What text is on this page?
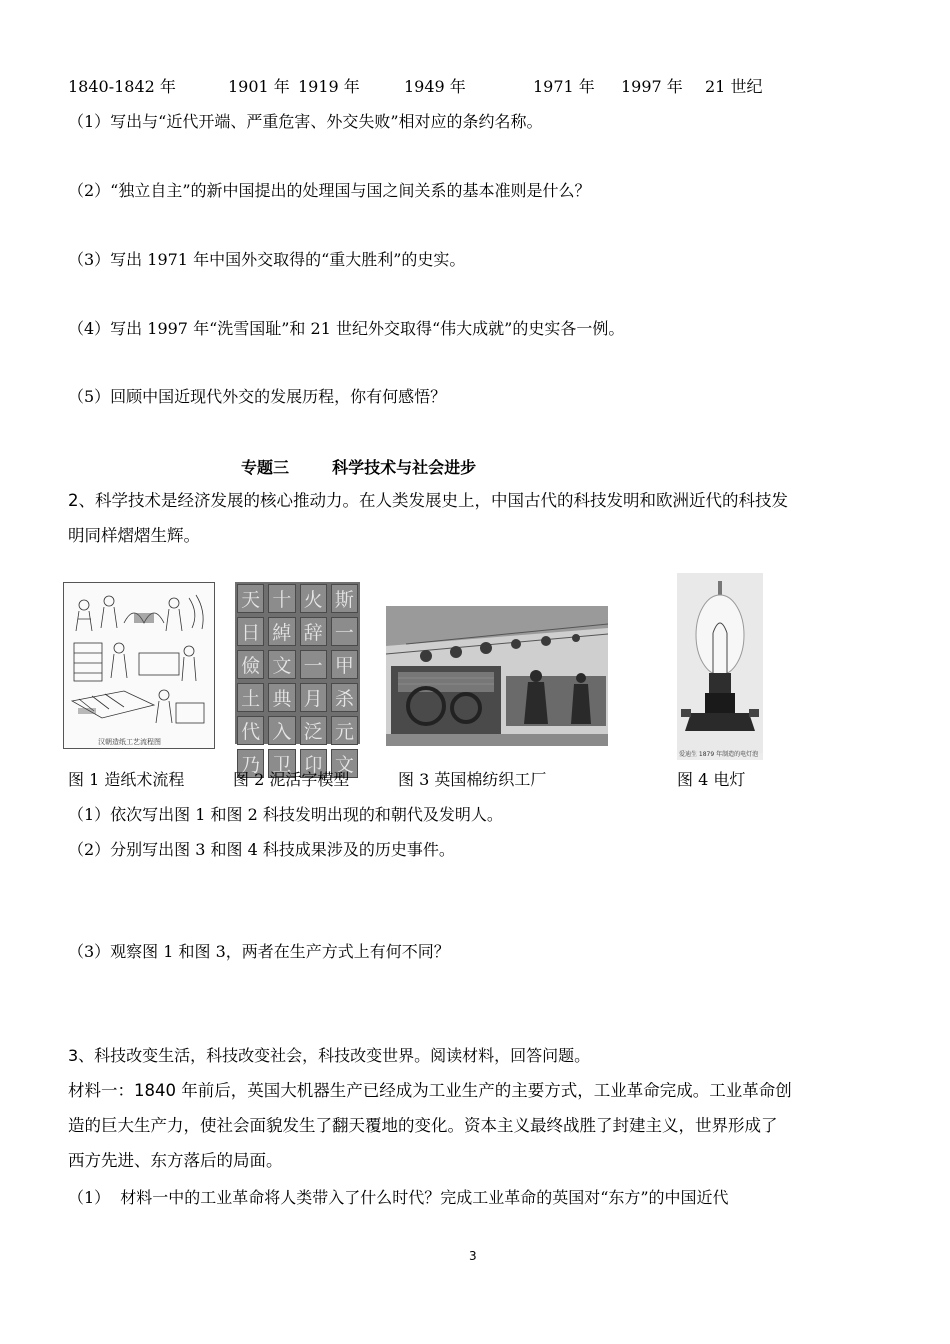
1840-1842 年	1901 年 1919 年	1949 年	1971 年 1997 年 21 世纪
（1）写出与“近代开端、严重危害、外交失败”相对应的条约名称。
（2）“独立自主”的新中国提出的处理国与国之间关系的基本准则是什么？
（3）写出 1971 年中国外交取得的“重大胜利”的史实。
（4）写出 1997 年“洗雪国耻”和 21 世纪外交取得“伟大成就”的史实各一例。
（5）回顾中国近现代外交的发展历程，你有何感悟？
专题三	科学技术与社会进步
2、科学技术是经济发展的核心推动力。在人类发展史上，中国古代的科技发明和欧洲近代的科技发
明同样熠熠生辉。
汉朝造纸工艺流程图
天 十 火 斯
日 綽 辞 一
儉 文 一 甲
土 典 月 杀
代 入 泛 元
乃 卫 卬 文	爱迪生 1879 年制造的电灯泡
图 1 造纸术流程	图 2 泥活字模型	图 3 英国棉纺织工厂	图 4 电灯
（1）依次写出图 1 和图 2 科技发明出现的和朝代及发明人。
（2）分别写出图 3 和图 4 科技成果涉及的历史事件。
（3）观察图 1 和图 3，两者在生产方式上有何不同？
3、科技改变生活，科技改变社会，科技改变世界。阅读材料，回答问题。
材料一：1840 年前后，英国大机器生产已经成为工业生产的主要方式，工业革命完成。工业革命创
造的巨大生产力，使社会面貌发生了翻天覆地的变化。资本主义最终战胜了封建主义，世界形成了
西方先进、东方落后的局面。
（1） 材料一中的工业革命将人类带入了什么时代？完成工业革命的英国对“东方”的中国近代
3
